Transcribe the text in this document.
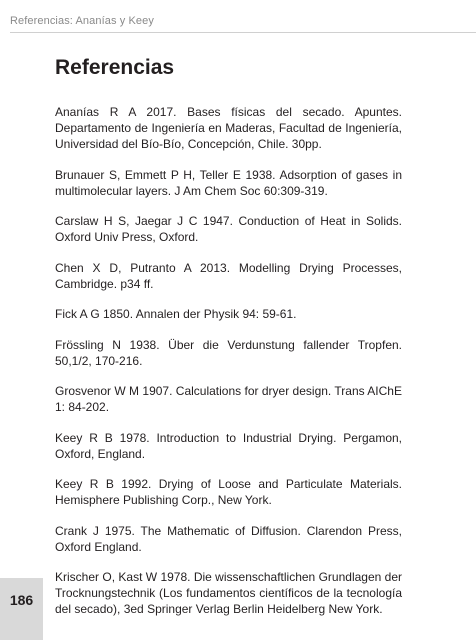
Referencias: Ananías y Keey
Referencias
Ananías R A 2017. Bases físicas del secado. Apuntes. Departamento de Ingeniería en Maderas, Facultad de Ingeniería, Universidad del Bío-Bío, Concepción, Chile. 30pp.
Brunauer S, Emmett P H, Teller E 1938. Adsorption of gases in multimolecular layers. J Am Chem Soc 60:309-319.
Carslaw H S, Jaegar J C 1947. Conduction of Heat in Solids. Oxford Univ Press, Oxford.
Chen X D, Putranto A 2013. Modelling Drying Processes, Cambridge. p34 ff.
Fick A G 1850. Annalen der Physik 94: 59-61.
Frössling N 1938. Über die Verdunstung fallender Tropfen. 50,1/2, 170-216.
Grosvenor W M 1907. Calculations for dryer design. Trans AIChE 1: 84-202.
Keey R B 1978. Introduction to Industrial Drying. Pergamon, Oxford, England.
Keey R B 1992. Drying of Loose and Particulate Materials. Hemisphere Publishing Corp., New York.
Crank J 1975. The Mathematic of Diffusion. Clarendon Press, Oxford England.
Krischer O, Kast W 1978. Die wissenschaftlichen Grundlagen der Trocknungstechnik (Los fundamentos científicos de la tecnología del secado), 3ed Springer Verlag Berlin Heidelberg New York.
186
